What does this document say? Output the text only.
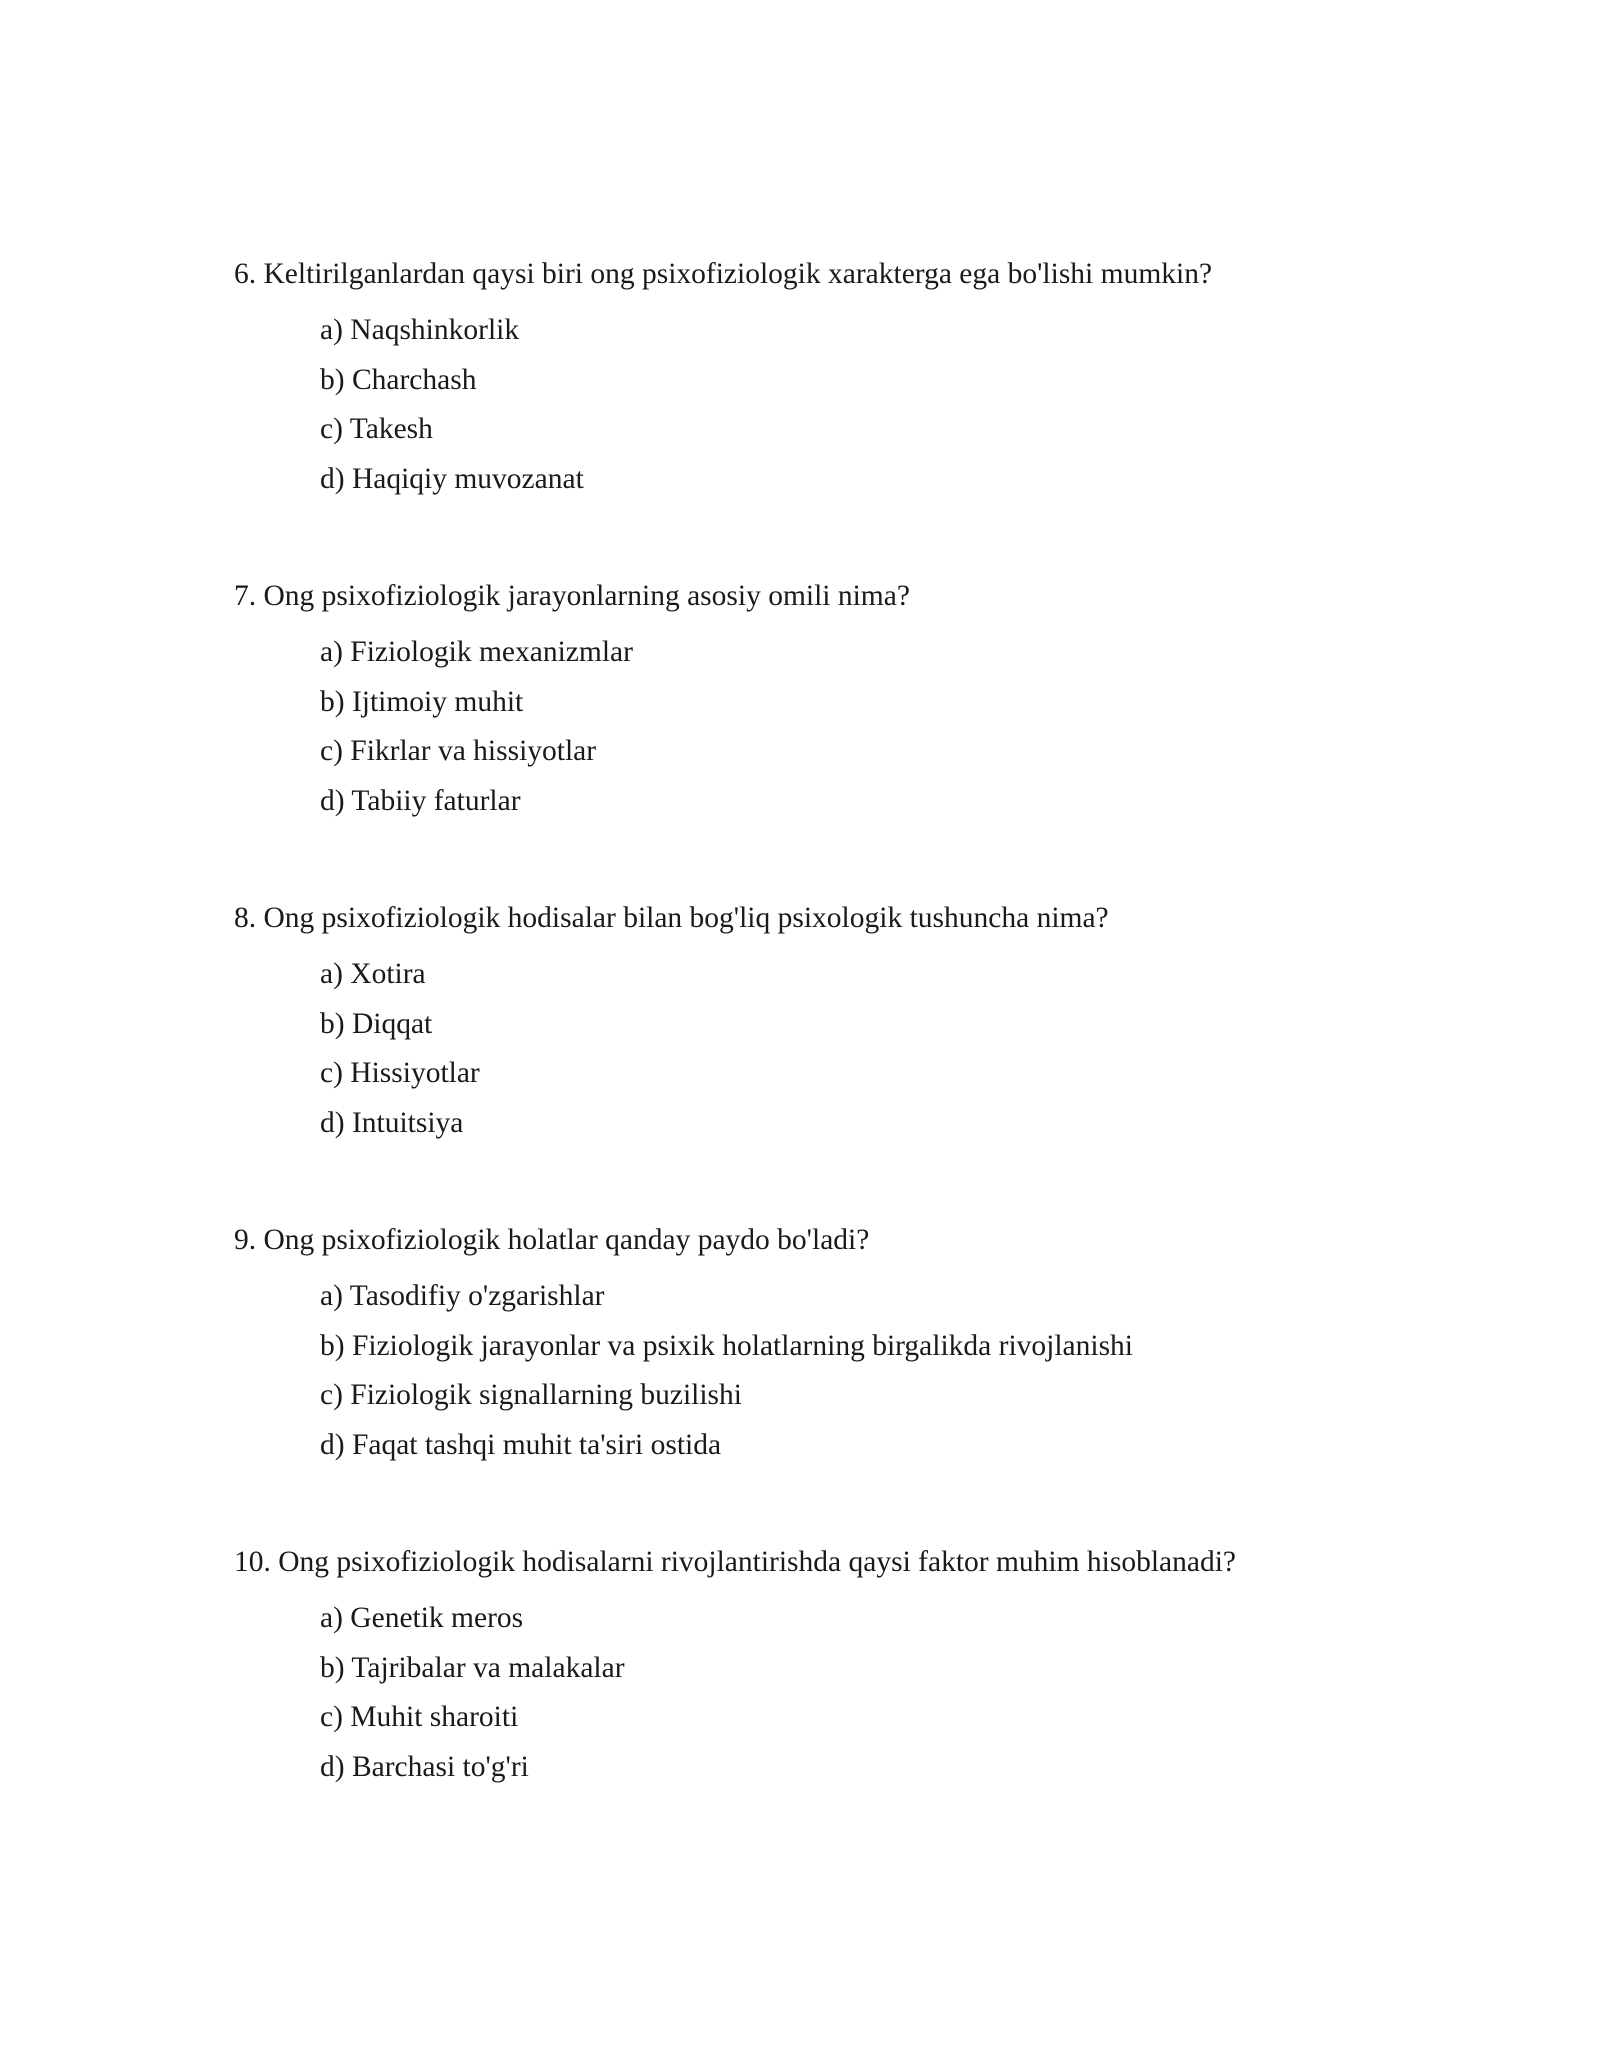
6. Keltirilganlardan qaysi biri ong psixofiziologik xarakterga ega bo'lishi mumkin?

a) Naqshinkorlik
b) Charchash
c) Takesh
d) Haqiqiy muvozanat

7. Ong psixofiziologik jarayonlarning asosiy omili nima?

a) Fiziologik mexanizmlar
b) Ijtimoiy muhit
c) Fikrlar va hissiyotlar
d) Tabiiy faturlar

8. Ong psixofiziologik hodisalar bilan bog'liq psixologik tushuncha nima?

a) Xotira
b) Diqqat
c) Hissiyotlar
d) Intuitsiya

9. Ong psixofiziologik holatlar qanday paydo bo'ladi?

a) Tasodifiy o'zgarishlar
b) Fiziologik jarayonlar va psixik holatlarning birgalikda rivojlanishi
c) Fiziologik signallarning buzilishi
d) Faqat tashqi muhit ta'siri ostida

10. Ong psixofiziologik hodisalarni rivojlantirishda qaysi faktor muhim hisoblanadi?

a) Genetik meros
b) Tajribalar va malakalar
c) Muhit sharoiti
d) Barchasi to'g'ri
